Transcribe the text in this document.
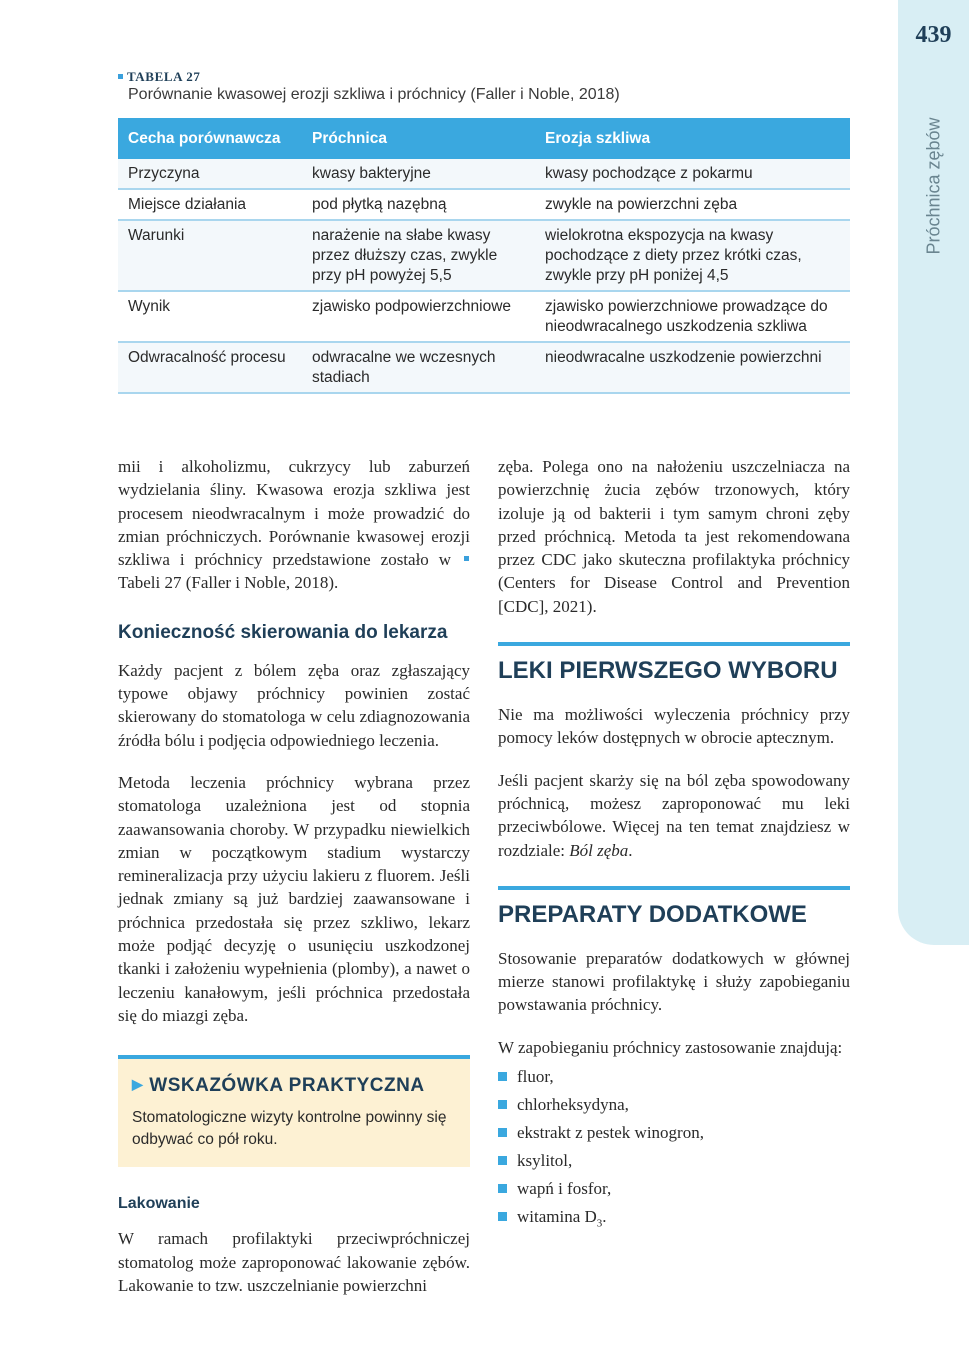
439
Próchnica zębów
TABELA 27
Porównanie kwasowej erozji szkliwa i próchnicy (Faller i Noble, 2018)
Cecha porównawcza	Próchnica	Erozja szkliwa
Przyczyna	kwasy bakteryjne	kwasy pochodzące z pokarmu
Miejsce działania	pod płytką nazębną	zwykle na powierzchni zęba
Warunki	narażenie na słabe kwasy przez dłuższy czas, zwykle przy pH powyżej 5,5	wielokrotna ekspozycja na kwasy pochodzące z diety przez krótki czas, zwykle przy pH poniżej 4,5
Wynik	zjawisko podpowierzchniowe	zjawisko powierzchniowe prowadzące do nieodwracalnego uszkodzenia szkliwa
Odwracalność procesu	odwracalne we wczesnych stadiach	nieodwracalne uszkodzenie powierzchni

mii i alkoholizmu, cukrzycy lub zaburzeń wydzielania śliny. Kwasowa erozja szkliwa jest procesem nieodwracalnym i może prowadzić do zmian próchniczych. Porównanie kwasowej erozji szkliwa i próchnicy przedstawione zostało w Tabeli 27 (Faller i Noble, 2018).

Konieczność skierowania do lekarza

Każdy pacjent z bólem zęba oraz zgłaszający typowe objawy próchnicy powinien zostać skierowany do stomatologa w celu zdiagnozowania źródła bólu i podjęcia odpowiedniego leczenia.

Metoda leczenia próchnicy wybrana przez stomatologa uzależniona jest od stopnia zaawansowania choroby. W przypadku niewielkich zmian w początkowym stadium wystarczy remineralizacja przy użyciu lakieru z fluorem. Jeśli jednak zmiany są już bardziej zaawansowane i próchnica przedostała się przez szkliwo, lekarz może podjąć decyzję o usunięciu uszkodzonej tkanki i założeniu wypełnienia (plomby), a nawet o leczeniu kanałowym, jeśli próchnica przedostała się do miazgi zęba.

▶ WSKAZÓWKA PRAKTYCZNA
Stomatologiczne wizyty kontrolne powinny się odbywać co pół roku.
Lakowanie

W ramach profilaktyki przeciwpróchniczej stomatolog może zaproponować lakowanie zębów. Lakowanie to tzw. uszczelnianie powierzchni

zęba. Polega ono na nałożeniu uszczelniacza na powierzchnię żucia zębów trzonowych, który izoluje ją od bakterii i tym samym chroni zęby przed próchnicą. Metoda ta jest rekomendowana przez CDC jako skuteczna profilaktyka próchnicy (Centers for Disease Control and Prevention [CDC], 2021).

LEKI PIERWSZEGO WYBORU

Nie ma możliwości wyleczenia próchnicy przy pomocy leków dostępnych w obrocie aptecznym.

Jeśli pacjent skarży się na ból zęba spowodowany próchnicą, możesz zaproponować mu leki przeciwbólowe. Więcej na ten temat znajdziesz w rozdziale: Ból zęba.

PREPARATY DODATKOWE

Stosowanie preparatów dodatkowych w głównej mierze stanowi profilaktykę i służy zapobieganiu powstawania próchnicy.

W zapobieganiu próchnicy zastosowanie znajdują:

fluor,
chlorheksydyna,
ekstrakt z pestek winogron,
ksylitol,
wapń i fosfor,
witamina $D_3$.
